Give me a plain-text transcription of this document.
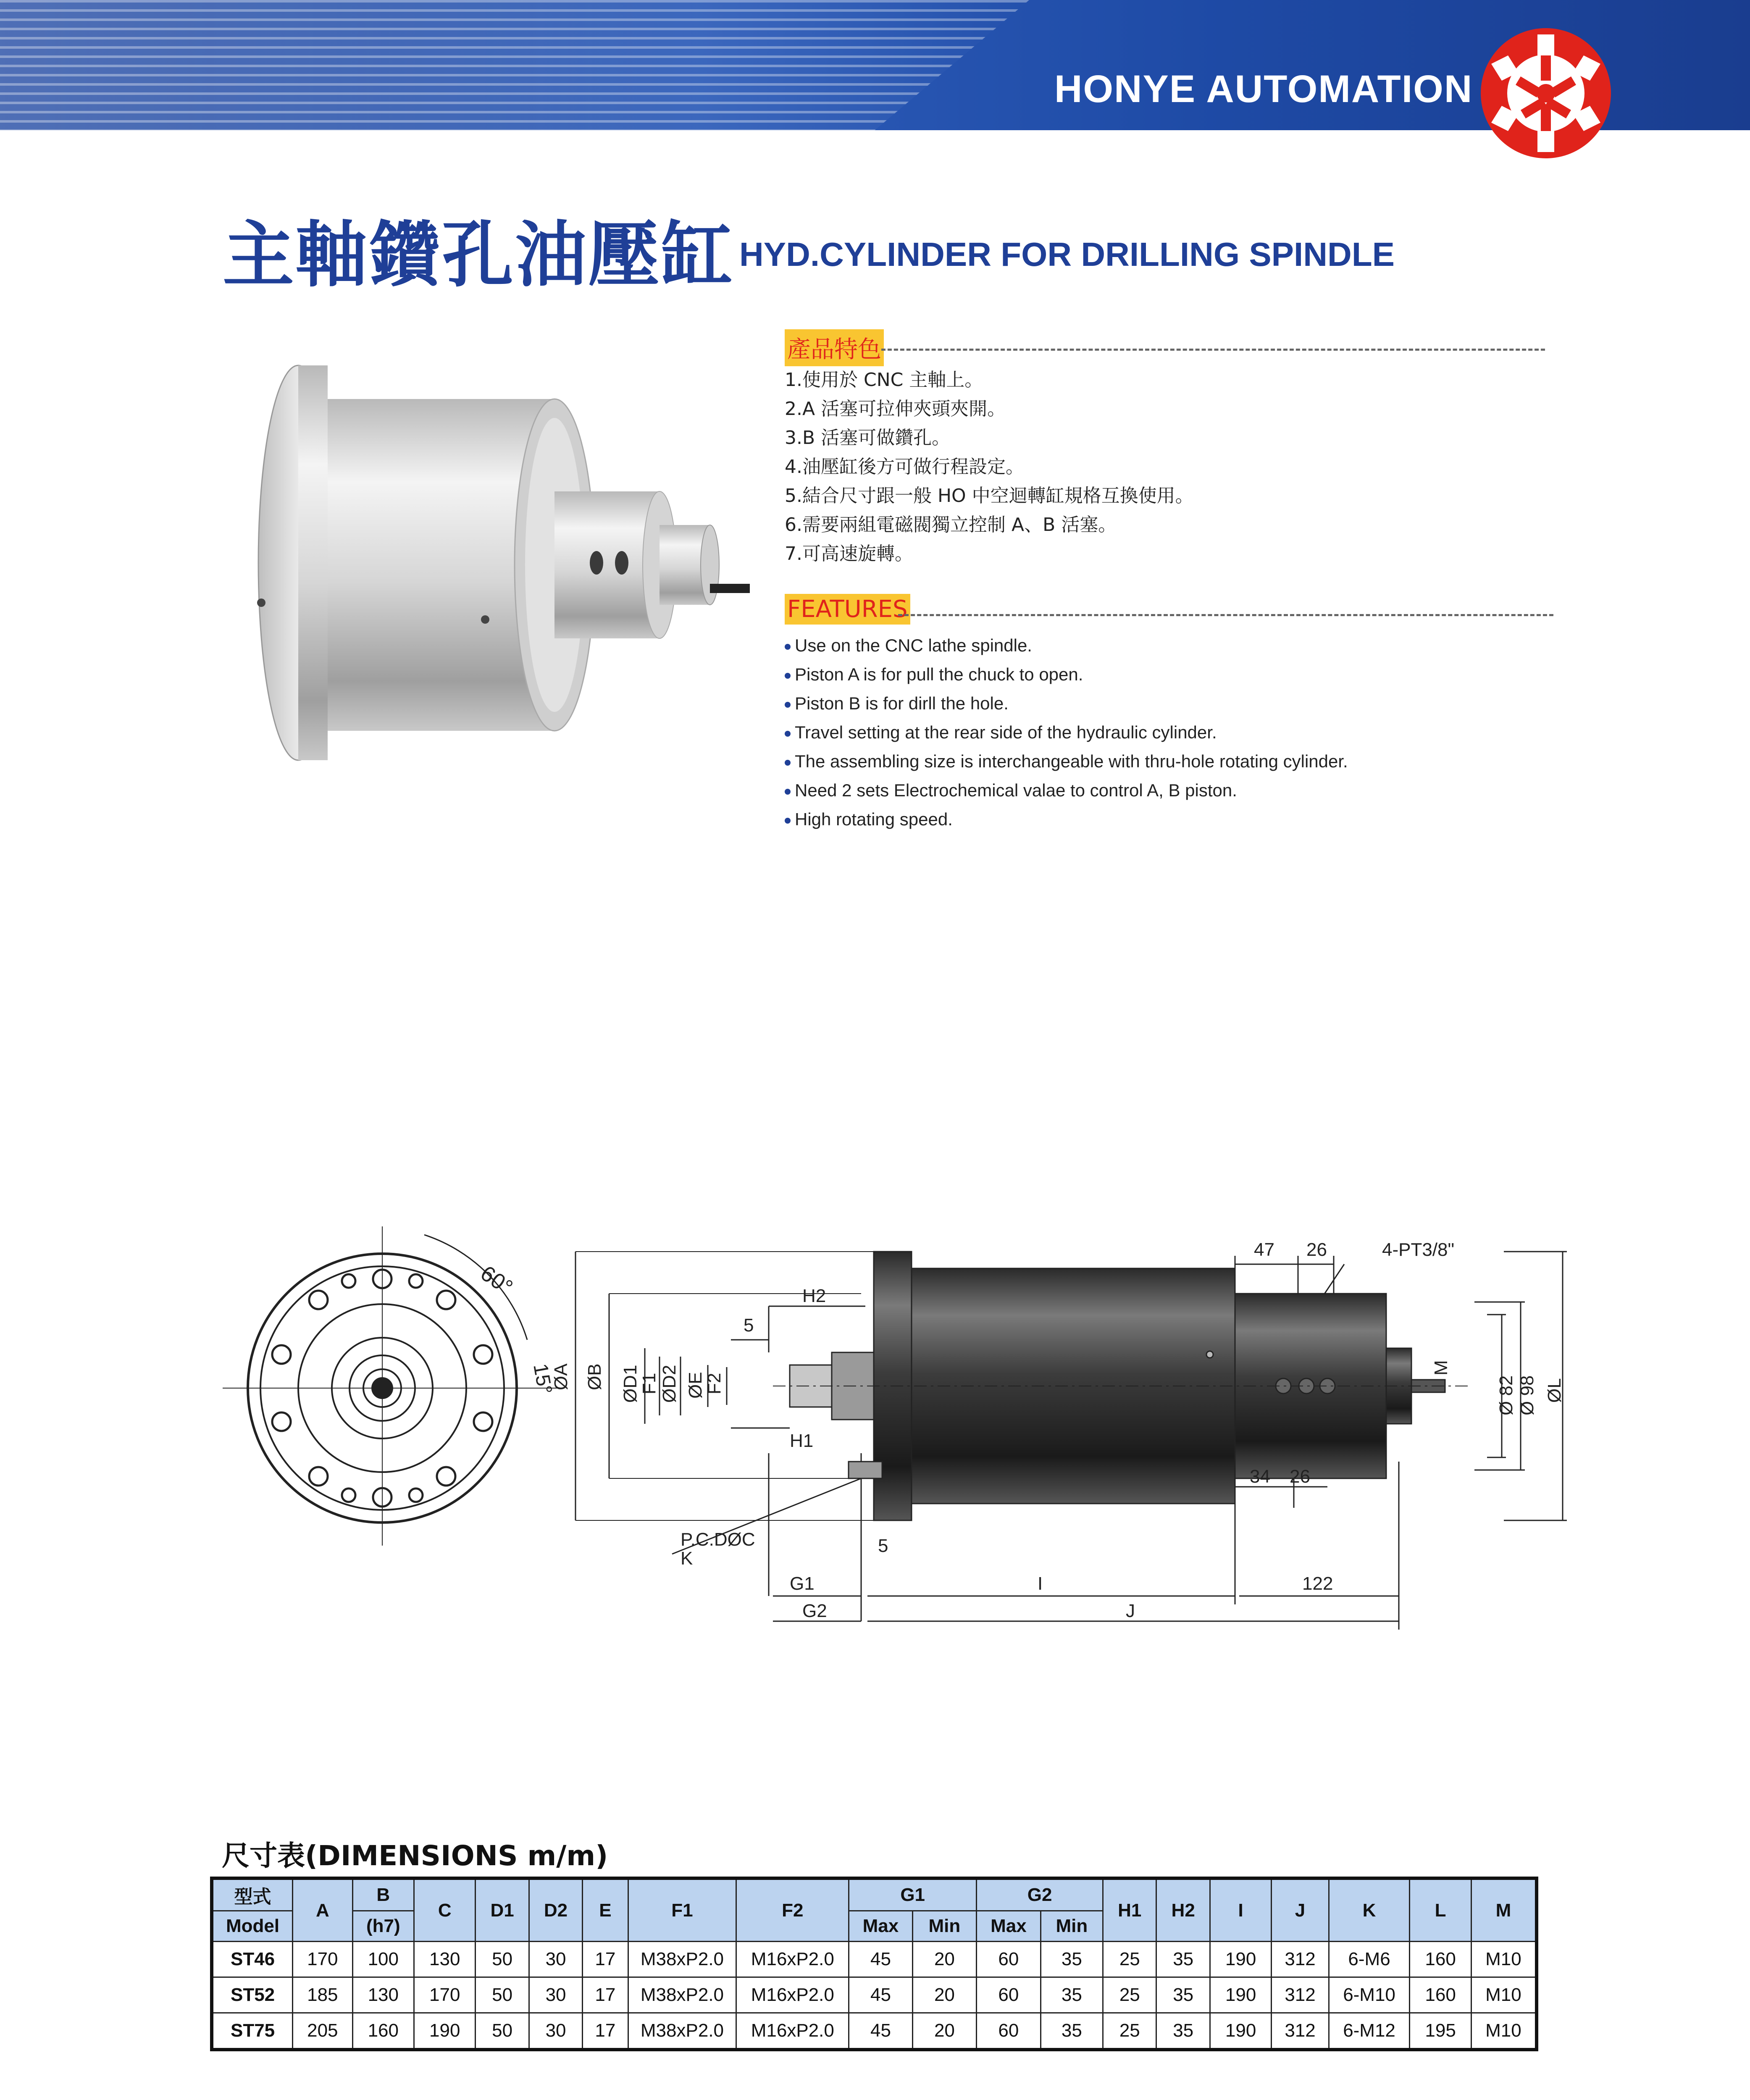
HONYE AUTOMATION
主軸鑽孔油壓缸 HYD.CYLINDER FOR DRILLING SPINDLE
產品特色
1.使用於 CNC 主軸上。
2.A 活塞可拉伸夾頭夾開。
3.B 活塞可做鑽孔。
4.油壓缸後方可做行程設定。
5.結合尺寸跟一般 HO 中空迴轉缸規格互換使用。
6.需要兩組電磁閥獨立控制 A、B 活塞。
7.可高速旋轉。
FEATURES
Use on the CNC lathe spindle.
Piston A is for pull the chuck to open.
Piston B is for dirll the hole.
Travel setting at the rear side of the hydraulic cylinder.
The assembling size is interchangeable with thru-hole rotating cylinder.
Need 2 sets Electrochemical valae to control A, B piston.
High rotating speed.
60°
15°
ØA ØB ØD1
F1 ØD2 ØE
F2
H2
5
H1
P.C.DØC
K
5
G1
G2
I
J
122
47 26	4-PT3/8"
M
Ø 82 Ø 98 ØL
34 26
尺寸表(DIMENSIONS m/m)
型式	A	B	C	D1	D2	E	F1	F2	G1		G2		H1	H2	I	J	K	L	M
Model		(h7)							Max	Min	Max	Min							
ST46	170	100	130	50	30	17	M38xP2.0	M16xP2.0	45	20	60	35	25	35	190	312	6-M6	160	M10
ST52	185	130	170	50	30	17	M38xP2.0	M16xP2.0	45	20	60	35	25	35	190	312	6-M10	160	M10
ST75	205	160	190	50	30	17	M38xP2.0	M16xP2.0	45	20	60	35	25	35	190	312	6-M12	195	M10
